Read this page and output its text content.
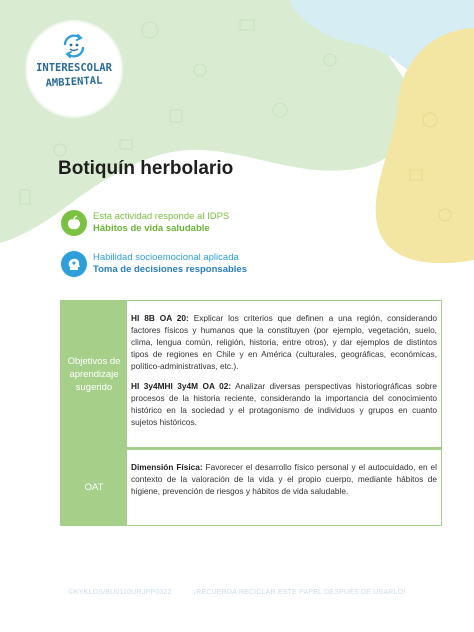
INTERESCOLAR
AMBIENTAL
Botiquín herbolario
Esta actividad responde al IDPS
Hábitos de vida saludable
Habilidad socioemocional aplicada
Toma de decisiones responsables
Objetivos de aprendizaje sugerido

HI 8B OA 20: Explicar los criterios que definen a una región, considerando factores físicos y humanos que la constituyen (por ejemplo, vegetación, suelo, clima, lengua común, religión, historia, entre otros), y dar ejemplos de distintos tipos de regiones en Chile y en América (culturales, geográficas, económicas, político-administrativas, etc.).

HI 3y4MHI 3y4M OA 02: Analizar diversas perspectivas historiográficas sobre procesos de la historia reciente, considerando la importancia del conocimiento histórico en la sociedad y el protagonismo de individuos y grupos en cuanto sujetos históricos.

OAT

Dimensión Física: Favorecer el desarrollo físico personal y el autocuidado, en el contexto de la valoración de la vida y el propio cuerpo, mediante hábitos de higiene, prevención de riesgos y hábitos de vida saludable.

©KYKLOS/BU0110URJPP0322	¡RECUERDA RECICLAR ESTE PAPEL DESPUÉS DE USARLO!
